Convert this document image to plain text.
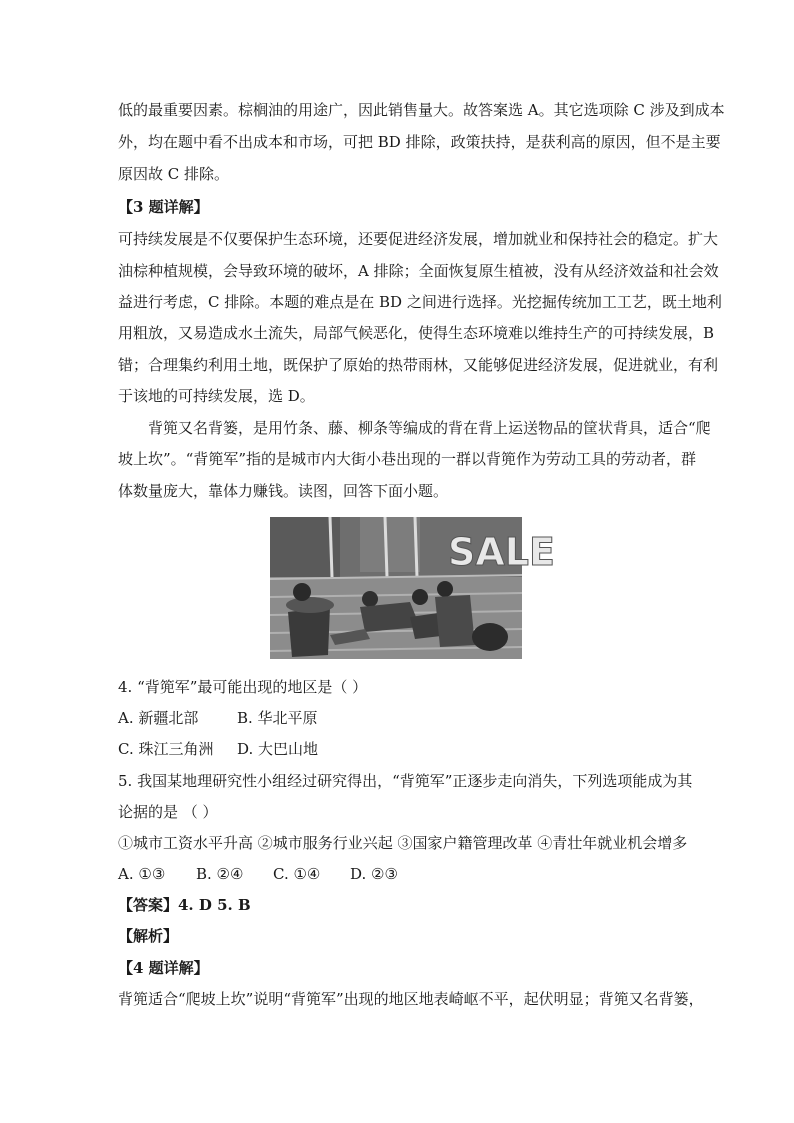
低的最重要因素。棕榈油的用途广，因此销售量大。故答案选 A。其它选项除 C 涉及到成本
外，均在题中看不出成本和市场，可把 BD 排除，政策扶持，是获利高的原因，但不是主要
原因故 C 排除。
【3 题详解】
可持续发展是不仅要保护生态环境，还要促进经济发展，增加就业和保持社会的稳定。扩大
油棕种植规模，会导致环境的破坏，A 排除；全面恢复原生植被，没有从经济效益和社会效
益进行考虑，C 排除。本题的难点是在 BD 之间进行选择。光挖掘传统加工工艺，既土地利
用粗放，又易造成水土流失，局部气候恶化，使得生态环境难以维持生产的可持续发展，B
错；合理集约利用土地，既保护了原始的热带雨林，又能够促进经济发展，促进就业，有利
于该地的可持续发展，选 D。
背篼又名背篓，是用竹条、藤、柳条等编成的背在背上运送物品的筐状背具，适合“爬
坡上坎”。“背篼军”指的是城市内大街小巷出现的一群以背篼作为劳动工具的劳动者，群
体数量庞大，靠体力赚钱。读图，回答下面小题。
SALE
4. “背篼军”最可能出现的地区是（ ）
A. 新疆北部	B. 华北平原
C. 珠江三角洲	D. 大巴山地
5. 我国某地理研究性小组经过研究得出，“背篼军”正逐步走向消失，下列选项能成为其
论据的是 （ ）
①城市工资水平升高 ②城市服务行业兴起 ③国家户籍管理改革 ④青壮年就业机会增多
A. ①③	B. ②④	C. ①④	D. ②③
【答案】4. D 5. B
【解析】
【4 题详解】
背篼适合“爬坡上坎”说明“背篼军”出现的地区地表崎岖不平，起伏明显；背篼又名背篓，
